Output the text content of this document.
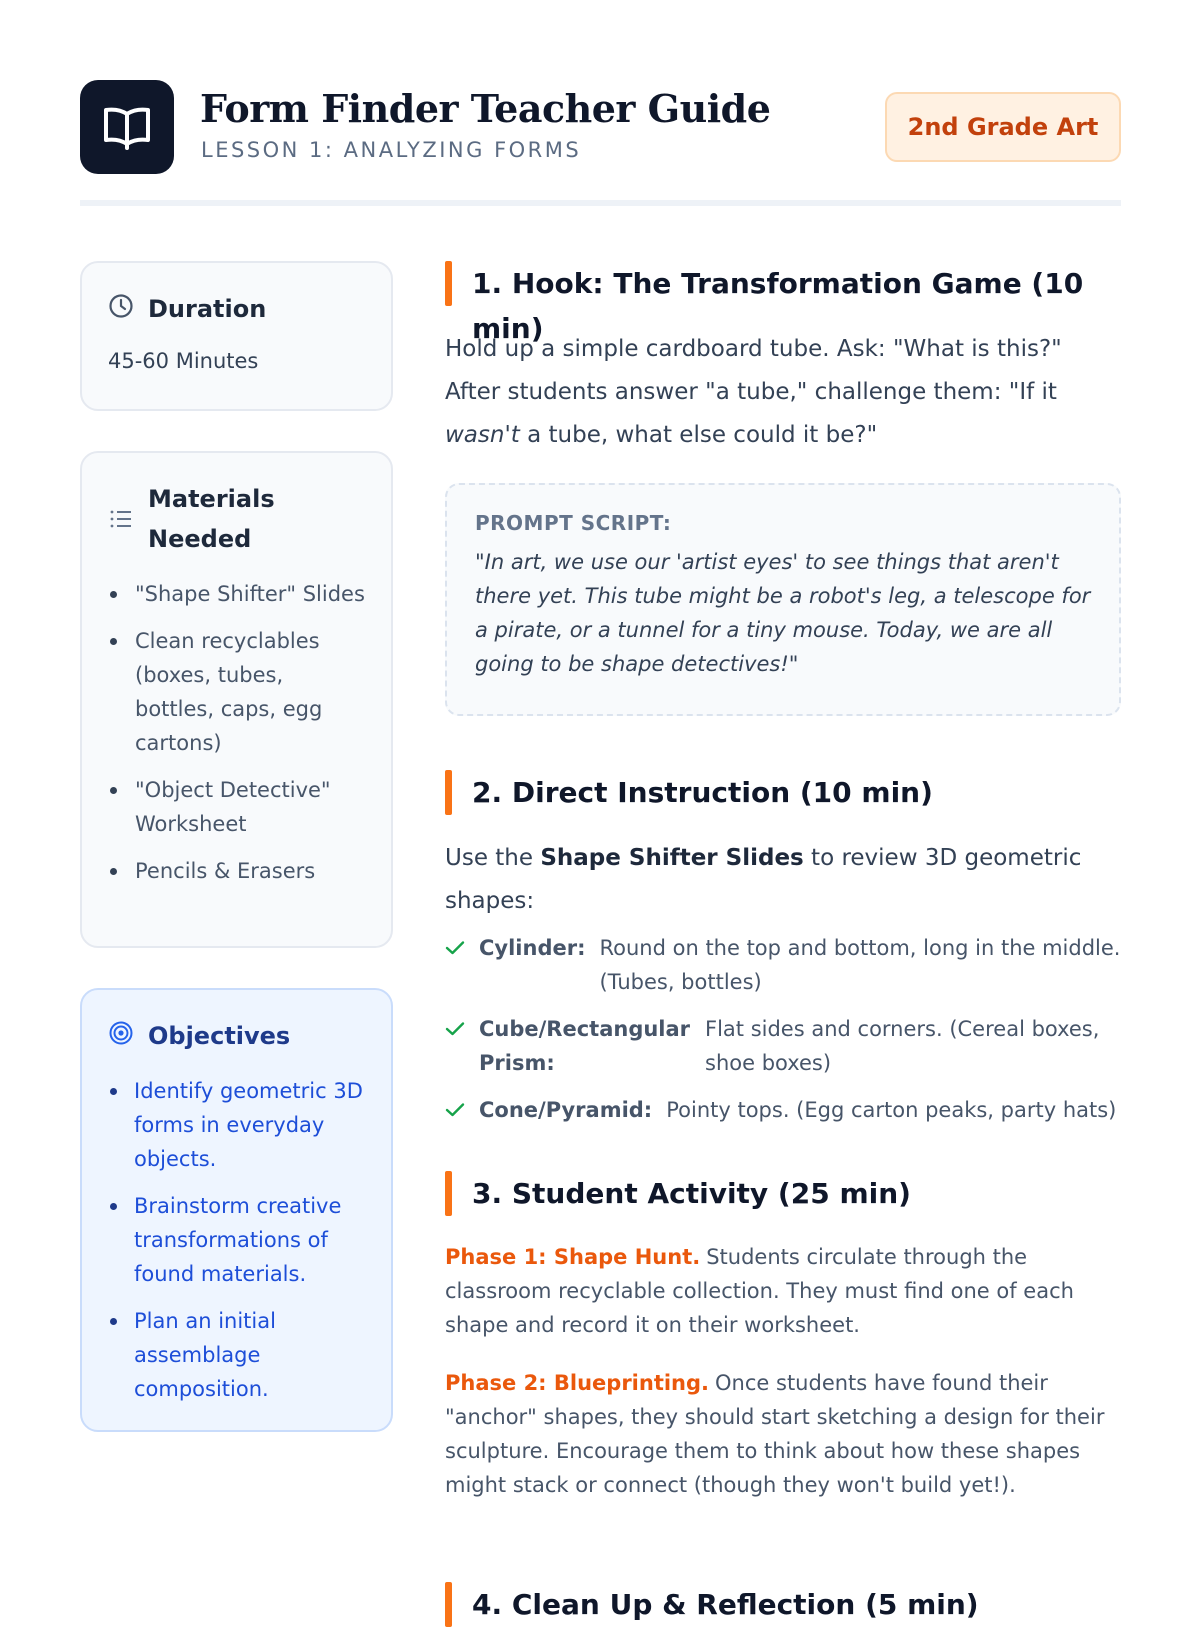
Form Finder Teacher Guide
LESSON 1: ANALYZING FORMS
2nd Grade Art
Duration
45-60 Minutes
Materials Needed
"Shape Shifter" Slides
Clean recyclables (boxes, tubes, bottles, caps, egg cartons)
"Object Detective" Worksheet
Pencils & Erasers
Objectives
Identify geometric 3D forms in everyday objects.
Brainstorm creative transformations of found materials.
Plan an initial assemblage composition.
1. Hook: The Transformation Game (10 min)

Hold up a simple cardboard tube. Ask: "What is this?" After students answer "a tube," challenge them: "If it wasn't a tube, what else could it be?"

PROMPT SCRIPT:
"In art, we use our 'artist eyes' to see things that aren't there yet. This tube might be a robot's leg, a telescope for a pirate, or a tunnel for a tiny mouse. Today, we are all going to be shape detectives!"
2. Direct Instruction (10 min)

Use the Shape Shifter Slides to review 3D geometric shapes:

Cylinder: Round on the top and bottom, long in the middle. (Tubes, bottles)
Cube/Rectangular Prism:
Flat sides and corners. (Cereal boxes, shoe boxes)
Cone/Pyramid: Pointy tops. (Egg carton peaks, party hats)
3. Student Activity (25 min)

Phase 1: Shape Hunt. Students circulate through the classroom recyclable collection. They must find one of each shape and record it on their worksheet.

Phase 2: Blueprinting. Once students have found their "anchor" shapes, they should start sketching a design for their sculpture. Encourage them to think about how these shapes might stack or connect (though they won't build yet!).

4. Clean Up & Reflection (5 min)
